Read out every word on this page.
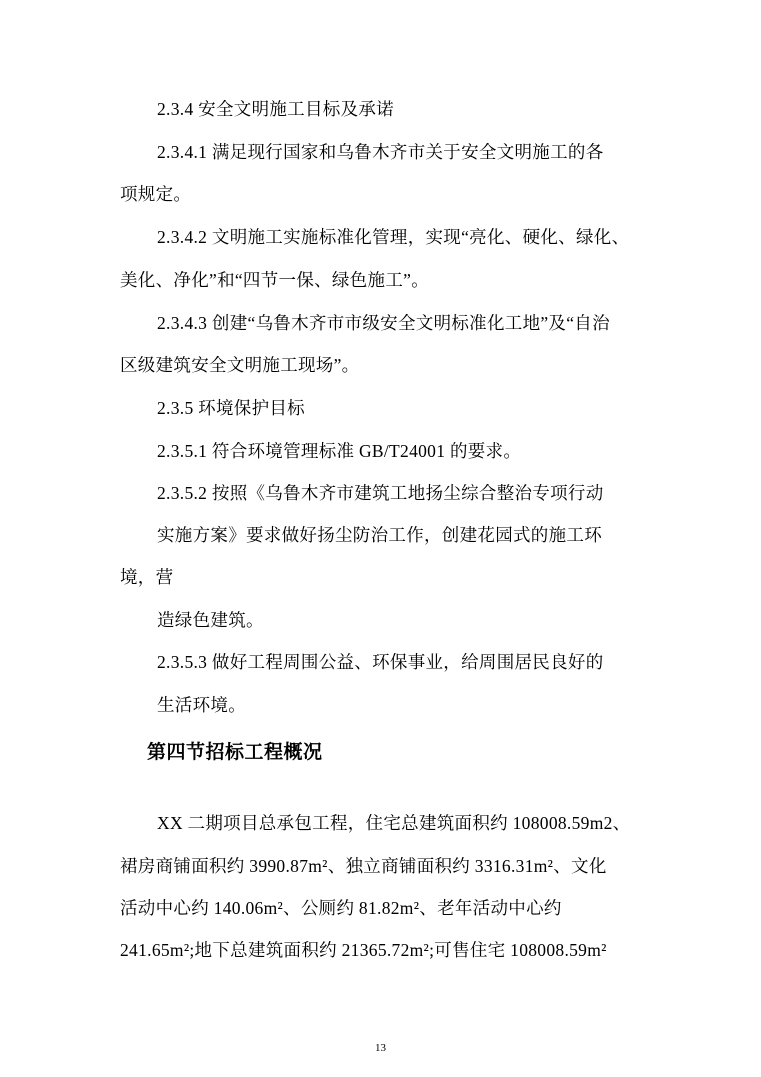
2.3.4 安全文明施工目标及承诺
2.3.4.1 满足现行国家和乌鲁木齐市关于安全文明施工的各
项规定。
2.3.4.2 文明施工实施标准化管理，实现“亮化、硬化、绿化、
美化、净化”和“四节一保、绿色施工”。
2.3.4.3 创建“乌鲁木齐市市级安全文明标准化工地”及“自治
区级建筑安全文明施工现场”。
2.3.5 环境保护目标
2.3.5.1 符合环境管理标准 GB/T24001 的要求。
2.3.5.2 按照《乌鲁木齐市建筑工地扬尘综合整治专项行动
实施方案》要求做好扬尘防治工作，创建花园式的施工环
境，营
造绿色建筑。
2.3.5.3 做好工程周围公益、环保事业，给周围居民良好的
生活环境。
第四节招标工程概况
XX 二期项目总承包工程，住宅总建筑面积约 108008.59m2、
裙房商铺面积约 3990.87m²、独立商铺面积约 3316.31m²、文化
活动中心约 140.06m²、公厕约 81.82m²、老年活动中心约
241.65m²;地下总建筑面积约 21365.72m²;可售住宅 108008.59m²
13
